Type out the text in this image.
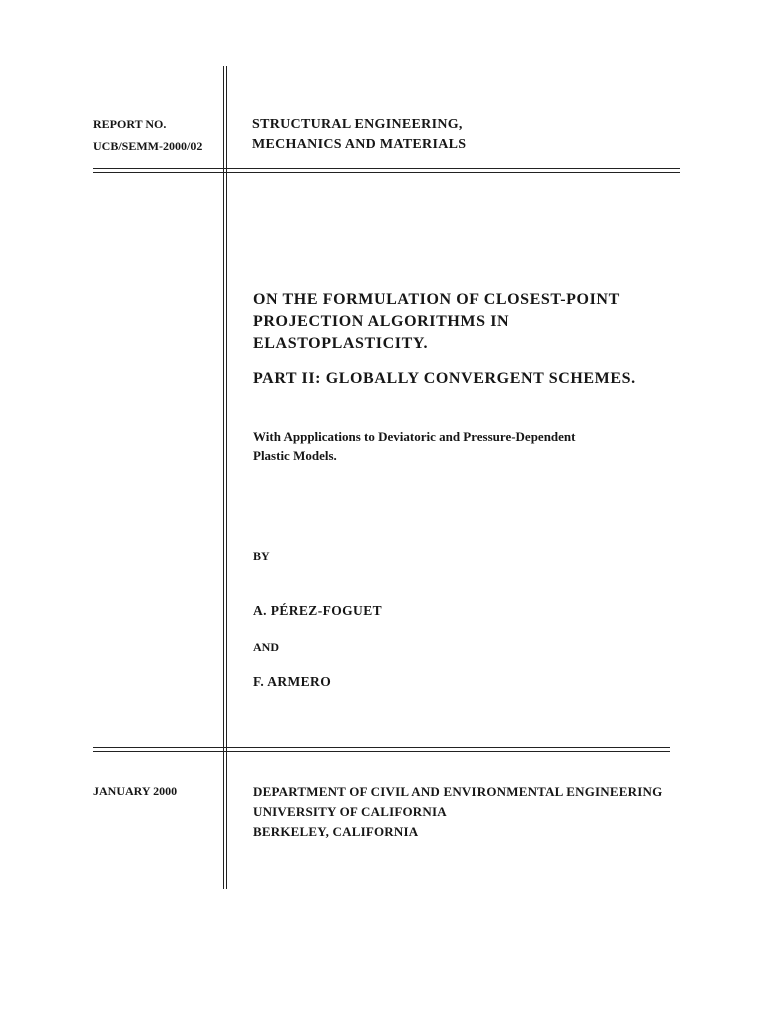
REPORT NO.
UCB/SEMM-2000/02
STRUCTURAL ENGINEERING,
MECHANICS AND MATERIALS
ON THE FORMULATION OF CLOSEST-POINT
PROJECTION ALGORITHMS IN
ELASTOPLASTICITY.
PART II: GLOBALLY CONVERGENT SCHEMES.
With Appplications to Deviatoric and Pressure-Dependent
Plastic Models.
BY
A. PÉREZ-FOGUET
AND
F. ARMERO
JANUARY 2000	DEPARTMENT OF CIVIL AND ENVIRONMENTAL ENGINEERING
UNIVERSITY OF CALIFORNIA
BERKELEY, CALIFORNIA
